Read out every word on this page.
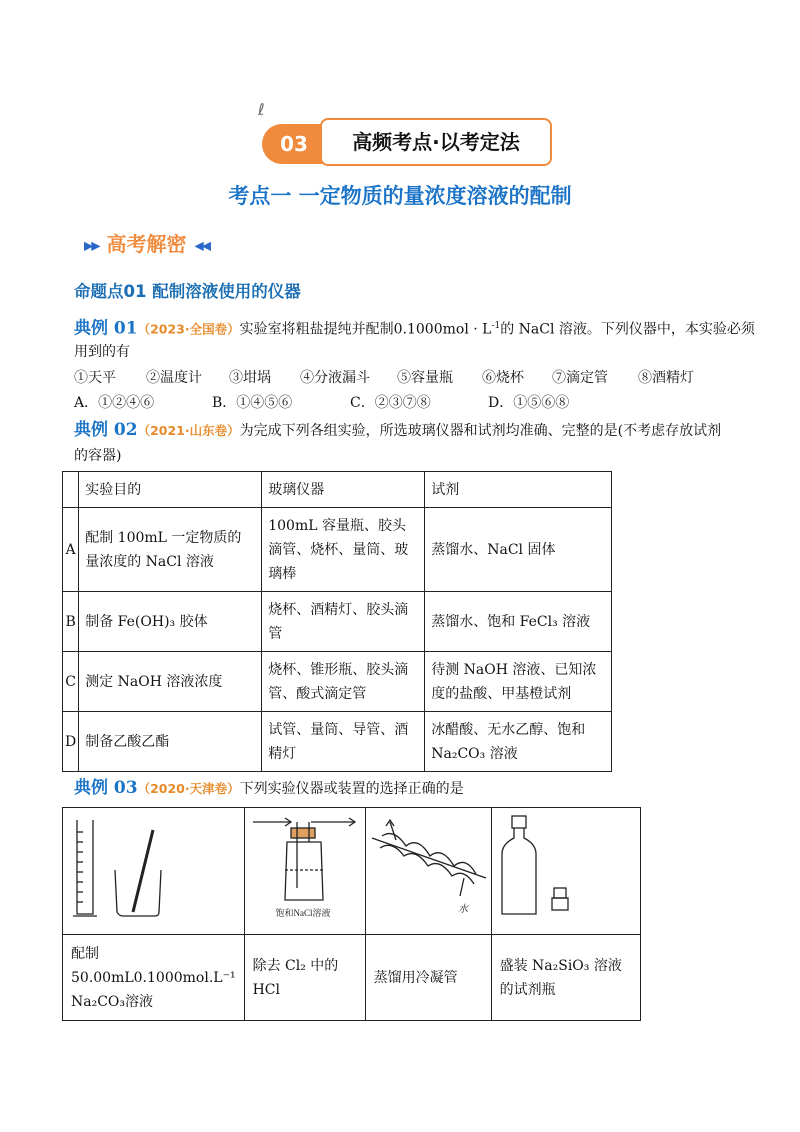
ℓ
03	高频考点·以考定法
考点一 一定物质的量浓度溶液的配制
▶▶ 高考解密 ◀◀
命题点01 配制溶液使用的仪器
典例 01（2023·全国卷）实验室将粗盐提纯并配制$0.1000mol \cdot L^{-1}$的 NaCl 溶液。下列仪器中，本实验必须
用到的有
①天平 ②温度计 ③坩埚 ④分液漏斗 ⑤容量瓶 ⑥烧杯 ⑦滴定管 ⑧酒精灯
A．①②④⑥	B．①④⑤⑥	C．②③⑦⑧	D．①⑤⑥⑧
典例 02（2021·山东卷）为完成下列各组实验，所选玻璃仪器和试剂均准确、完整的是(不考虑存放试剂
的容器)
	实验目的	玻璃仪器	试剂
A	配制 100mL 一定物质的量浓度的 NaCl 溶液	100mL 容量瓶、胶头滴管、烧杯、量筒、玻璃棒	蒸馏水、NaCl 固体
B	制备 Fe(OH)₃ 胶体	烧杯、酒精灯、胶头滴管	蒸馏水、饱和 FeCl₃ 溶液
C	测定 NaOH 溶液浓度	烧杯、锥形瓶、胶头滴管、酸式滴定管	待测 NaOH 溶液、已知浓度的盐酸、甲基橙试剂
D	制备乙酸乙酯	试管、量筒、导管、酒精灯	冰醋酸、无水乙醇、饱和 Na₂CO₃ 溶液
典例 03（2020·天津卷）下列实验仪器或装置的选择正确的是

饱和NaCl溶液	水

配制 50.00mL0.1000mol.L⁻¹ Na₂CO₃溶液	除去 Cl₂ 中的 HCl	蒸馏用冷凝管	盛装 Na₂SiO₃ 溶液的试剂瓶
